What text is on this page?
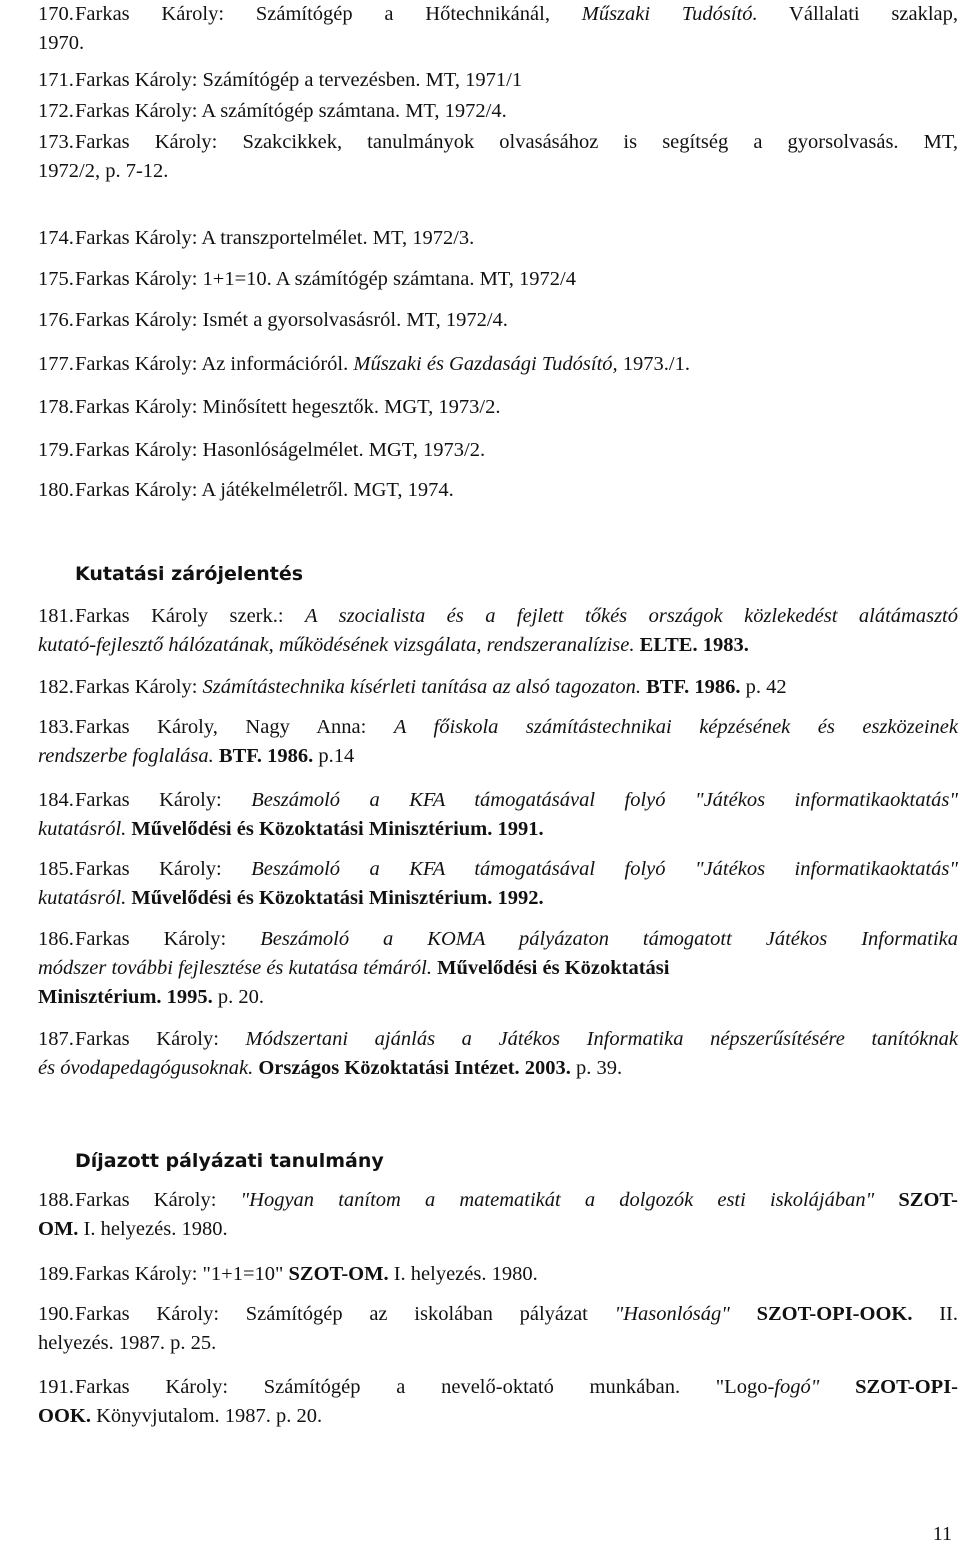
170.Farkas Károly: Számítógép a Hőtechnikánál, Műszaki Tudósító. Vállalati szaklap,
1970.
171.Farkas Károly: Számítógép a tervezésben. MT, 1971/1
172.Farkas Károly: A számítógép számtana. MT, 1972/4.
173.Farkas Károly: Szakcikkek, tanulmányok olvasásához is segítség a gyorsolvasás. MT,
1972/2, p. 7-12.
174.Farkas Károly: A transzportelmélet. MT, 1972/3.
175.Farkas Károly: 1+1=10. A számítógép számtana. MT, 1972/4
176.Farkas Károly: Ismét a gyorsolvasásról. MT, 1972/4.
177.Farkas Károly: Az információról. Műszaki és Gazdasági Tudósító, 1973./1.
178.Farkas Károly: Minősített hegesztők. MGT, 1973/2.
179.Farkas Károly: Hasonlóságelmélet. MGT, 1973/2.
180.Farkas Károly: A játékelméletről. MGT, 1974.
Kutatási zárójelentés
181.Farkas Károly szerk.: A szocialista és a fejlett tőkés országok közlekedést alátámasztó
kutató-fejlesztő hálózatának, működésének vizsgálata, rendszeranalízise. ELTE. 1983.
182.Farkas Károly: Számítástechnika kísérleti tanítása az alsó tagozaton. BTF. 1986. p. 42
183.Farkas Károly, Nagy Anna: A főiskola számítástechnikai képzésének és eszközeinek
rendszerbe foglalása. BTF. 1986. p.14
184.Farkas Károly: Beszámoló a KFA támogatásával folyó "Játékos informatikaoktatás"
kutatásról. Művelődési és Közoktatási Minisztérium. 1991.
185.Farkas Károly: Beszámoló a KFA támogatásával folyó "Játékos informatikaoktatás"
kutatásról. Művelődési és Közoktatási Minisztérium. 1992.
186.Farkas Károly: Beszámoló a KOMA pályázaton támogatott Játékos Informatika
módszer további fejlesztése és kutatása témáról. Művelődési és Közoktatási
Minisztérium. 1995. p. 20.
187.Farkas Károly: Módszertani ajánlás a Játékos Informatika népszerűsítésére tanítóknak
és óvodapedagógusoknak. Országos Közoktatási Intézet. 2003. p. 39.
Díjazott pályázati tanulmány
188.Farkas Károly: "Hogyan tanítom a matematikát a dolgozók esti iskolájában" SZOT-
OM. I. helyezés. 1980.
189.Farkas Károly: "1+1=10" SZOT-OM. I. helyezés. 1980.
190.Farkas Károly: Számítógép az iskolában pályázat "Hasonlóság" SZOT-OPI-OOK. II.
helyezés. 1987. p. 25.
191.Farkas Károly: Számítógép a nevelő-oktató munkában. "Logo-fogó" SZOT-OPI-
OOK. Könyvjutalom. 1987. p. 20.
11
